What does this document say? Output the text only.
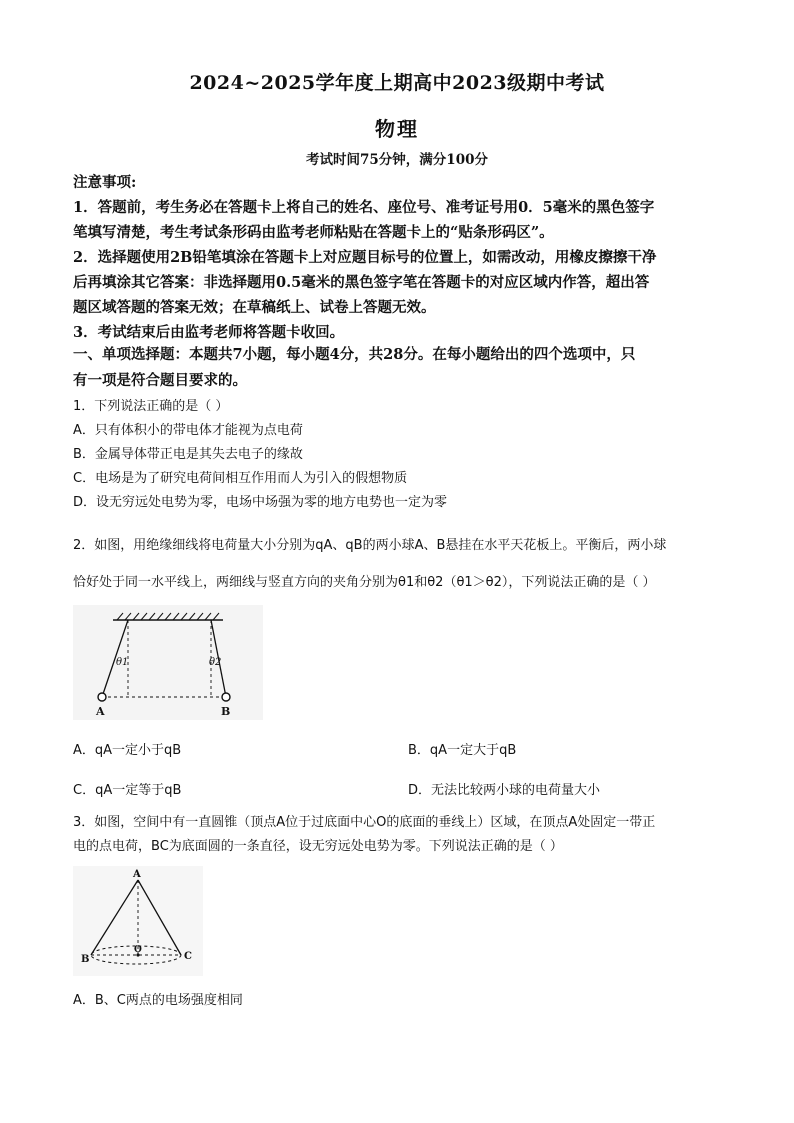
2024~2025学年度上期高中2023级期中考试
物理
考试时间75分钟，满分100分
注意事项:
1．答题前，考生务必在答题卡上将自己的姓名、座位号、准考证号用0．5毫米的黑色签字
笔填写清楚，考生考试条形码由监考老师粘贴在答题卡上的“贴条形码区”。
2．选择题使用2B铅笔填涂在答题卡上对应题目标号的位置上，如需改动，用橡皮擦擦干净
后再填涂其它答案：非选择题用0.5毫米的黑色签字笔在答题卡的对应区域内作答，超出答
题区域答题的答案无效；在草稿纸上、试卷上答题无效。
3．考试结束后由监考老师将答题卡收回。
一、单项选择题：本题共7小题，每小题4分，共28分。在每小题给出的四个选项中，只
有一项是符合题目要求的。
1．下列说法正确的是（ ）
A．只有体积小的带电体才能视为点电荷
B．金属导体带正电是其失去电子的缘故
C．电场是为了研究电荷间相互作用而人为引入的假想物质
D．设无穷远处电势为零，电场中场强为零的地方电势也一定为零
2．如图，用绝缘细线将电荷量大小分别为qA、qB的两小球A、B悬挂在水平天花板上。平衡后，两小球
恰好处于同一水平线上，两细线与竖直方向的夹角分别为θ1和θ2（θ1＞θ2），下列说法正确的是（ ）
θ1	θ2
A	B
A．qA一定小于qB	B．qA一定大于qB
C．qA一定等于qB	D．无法比较两小球的电荷量大小
3．如图，空间中有一直圆锥（顶点A位于过底面中心O的底面的垂线上）区域，在顶点A处固定一带正
电的点电荷，BC为底面圆的一条直径，设无穷远处电势为零。下列说法正确的是（ ）
A
O
B	C
A．B、C两点的电场强度相同
